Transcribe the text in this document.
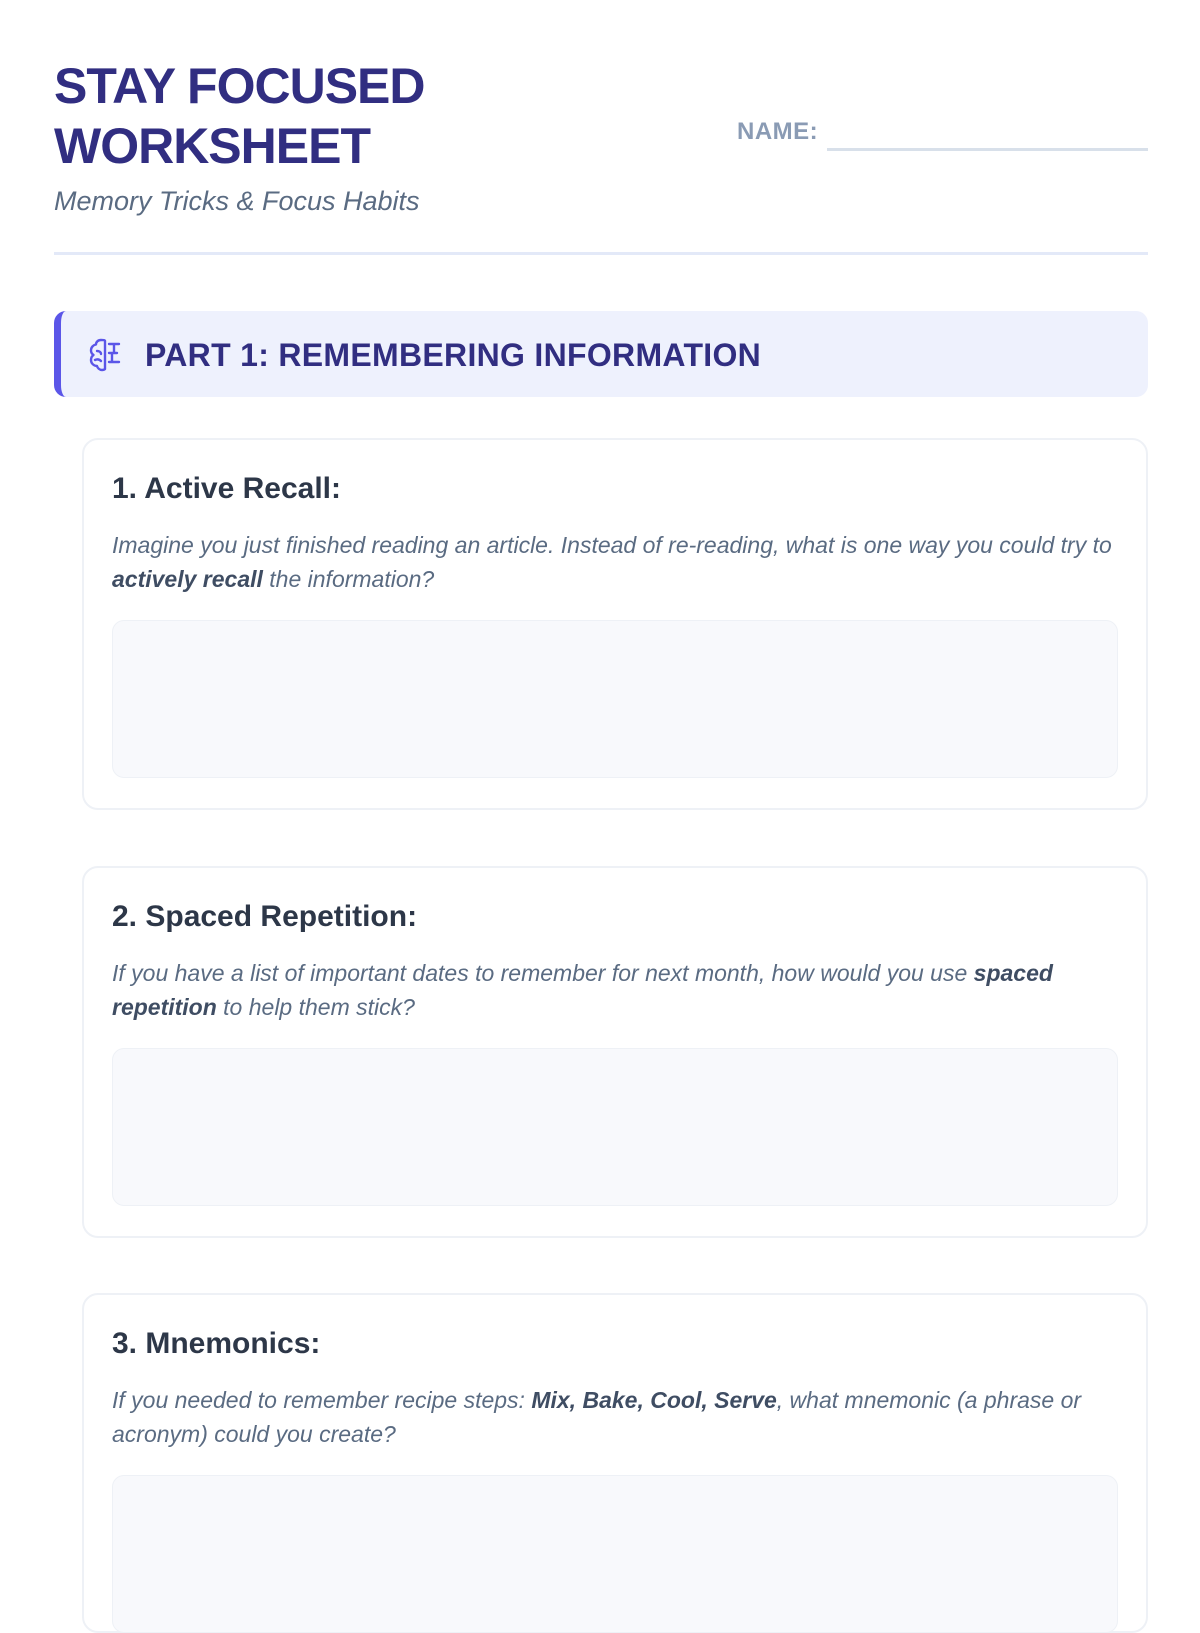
STAY FOCUSED WORKSHEET
Memory Tricks & Focus Habits
NAME:
PART 1: REMEMBERING INFORMATION
1. Active Recall:
Imagine you just finished reading an article. Instead of re-reading, what is one way you could try to actively recall the information?
2. Spaced Repetition:
If you have a list of important dates to remember for next month, how would you use spaced repetition to help them stick?
3. Mnemonics:
If you needed to remember recipe steps: Mix, Bake, Cool, Serve, what mnemonic (a phrase or acronym) could you create?
